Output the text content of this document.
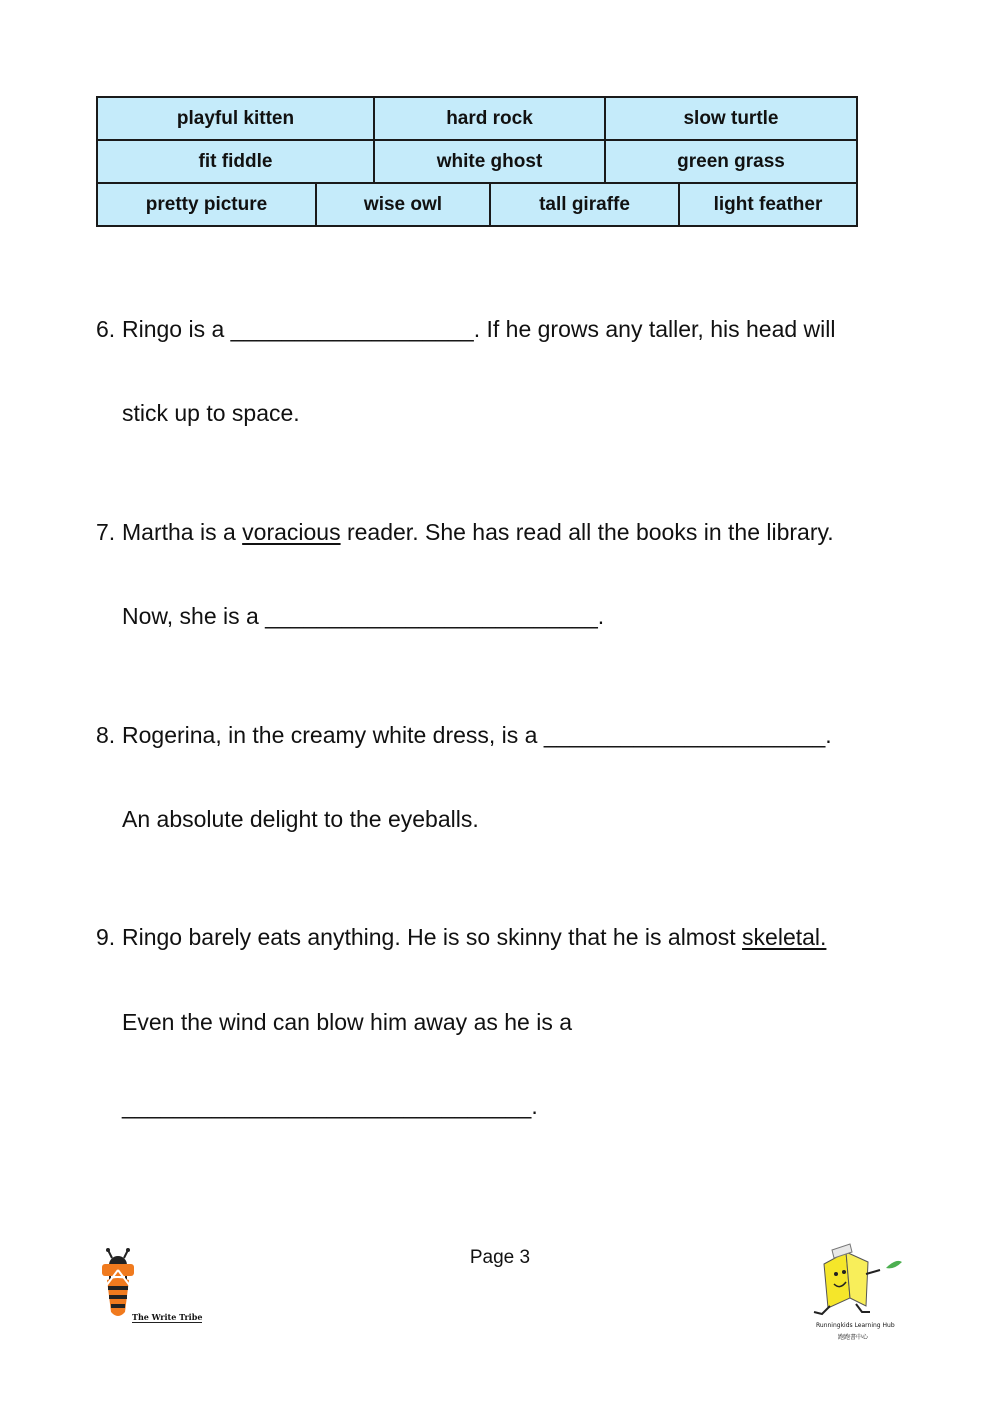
playful kitten	hard rock	slow turtle
fit fiddle	white ghost	green grass
pretty picture	wise owl	tall giraffe	light feather
6. Ringo is a ___________________. If he grows any taller, his head will
stick up to space.
7. Martha is a voracious reader. She has read all the books in the library.
Now, she is a __________________________.
8. Rogerina, in the creamy white dress, is a ______________________.
An absolute delight to the eyeballs.
9. Ringo barely eats anything. He is so skinny that he is almost skeletal.
Even the wind can blow him away as he is a
________________________________.
Page 3
The Write Tribe
Runningkids Learning Hub
跑跑書中心
